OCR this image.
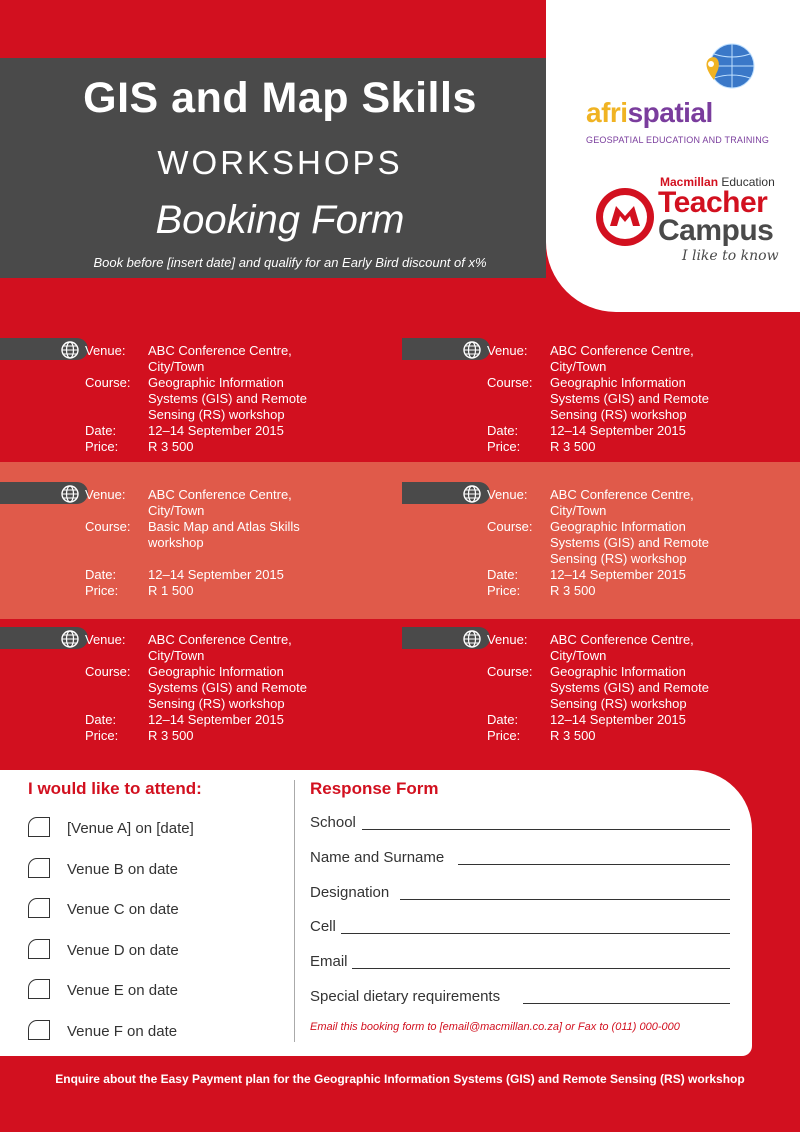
GIS and Map Skills
WORKSHOPS
Booking Form
Book before [insert date] and qualify for an Early Bird discount of x%
afrispatial
GEOSPATIAL EDUCATION AND TRAINING
Macmillan Education
Teacher
Campus
I like to know
Venue: ABC Conference Centre, City/Town
Course: Geographic Information Systems (GIS) and Remote Sensing (RS) workshop
Date: 12–14 September 2015
Price: R 3 500
Venue: ABC Conference Centre, City/Town
Course: Geographic Information Systems (GIS) and Remote Sensing (RS) workshop
Date: 12–14 September 2015
Price: R 3 500
Venue: ABC Conference Centre, City/Town
Course: Basic Map and Atlas Skills workshop
Date: 12–14 September 2015
Price: R 1 500
Venue: ABC Conference Centre, City/Town
Course: Geographic Information Systems (GIS) and Remote Sensing (RS) workshop
Date: 12–14 September 2015
Price: R 3 500
Venue: ABC Conference Centre, City/Town
Course: Geographic Information Systems (GIS) and Remote Sensing (RS) workshop
Date: 12–14 September 2015
Price: R 3 500
Venue: ABC Conference Centre, City/Town
Course: Geographic Information Systems (GIS) and Remote Sensing (RS) workshop
Date: 12–14 September 2015
Price: R 3 500
I would like to attend:
[Venue A] on [date]
Venue B on date
Venue C on date
Venue D on date
Venue E on date
Venue F on date
Response Form
School
Name and Surname
Designation
Cell
Email
Special dietary requirements
Email this booking form to [email@macmillan.co.za] or Fax to (011) 000-000
Enquire about the Easy Payment plan for the Geographic Information Systems (GIS) and Remote Sensing (RS) workshop
